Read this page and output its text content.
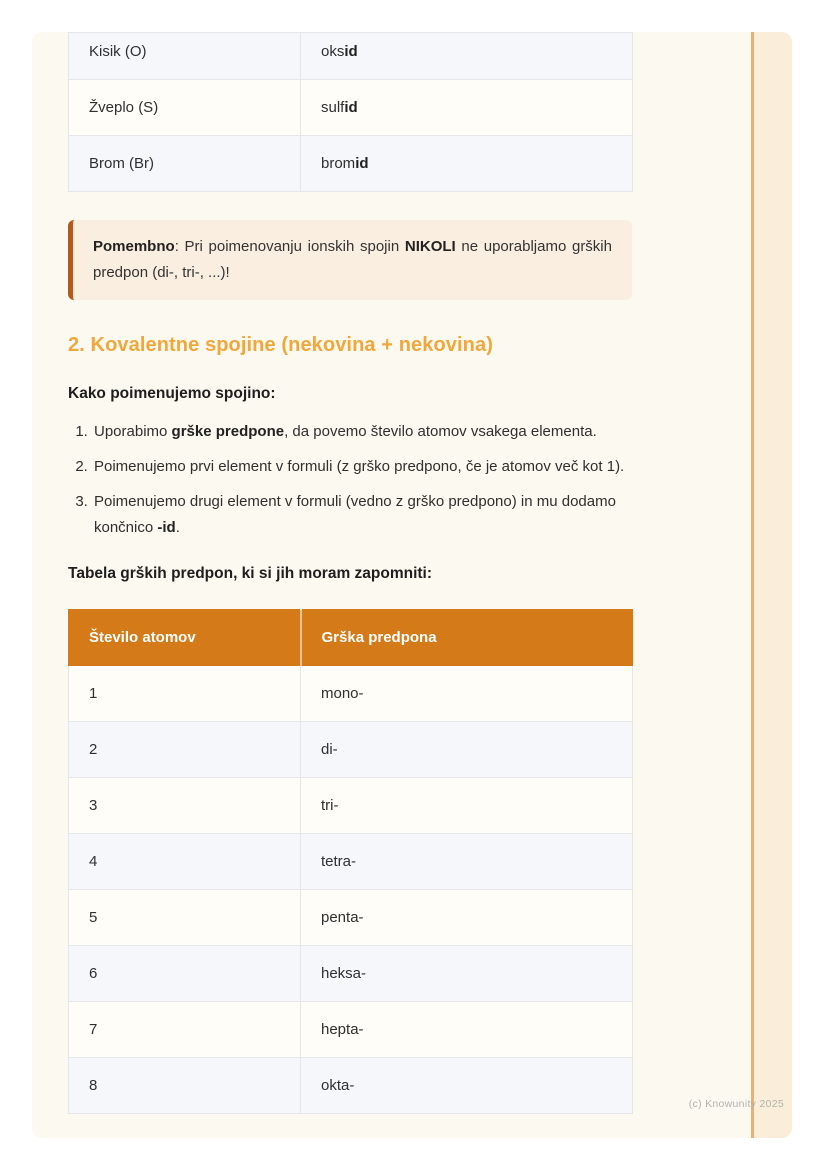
Kisik (O)	oksid
Žveplo (S)	sulfid
Brom (Br)	bromid
Pomembno: Pri poimenovanju ionskih spojin NIKOLI ne uporabljamo grških predpon (di-, tri-, ...)!
2. Kovalentne spojine (nekovina + nekovina)
Kako poimenujemo spojino:
1. Uporabimo grške predpone, da povemo število atomov vsakega elementa.
2. Poimenujemo prvi element v formuli (z grško predpono, če je atomov več kot 1).
3. Poimenujemo drugi element v formuli (vedno z grško predpono) in mu dodamo končnico -id.
Tabela grških predpon, ki si jih moram zapomniti:
Število atomov	Grška predpona
1	mono-
2	di-
3	tri-
4	tetra-
5	penta-
6	heksa-
7	hepta-
8	okta-
(c) Knowunity 2025
